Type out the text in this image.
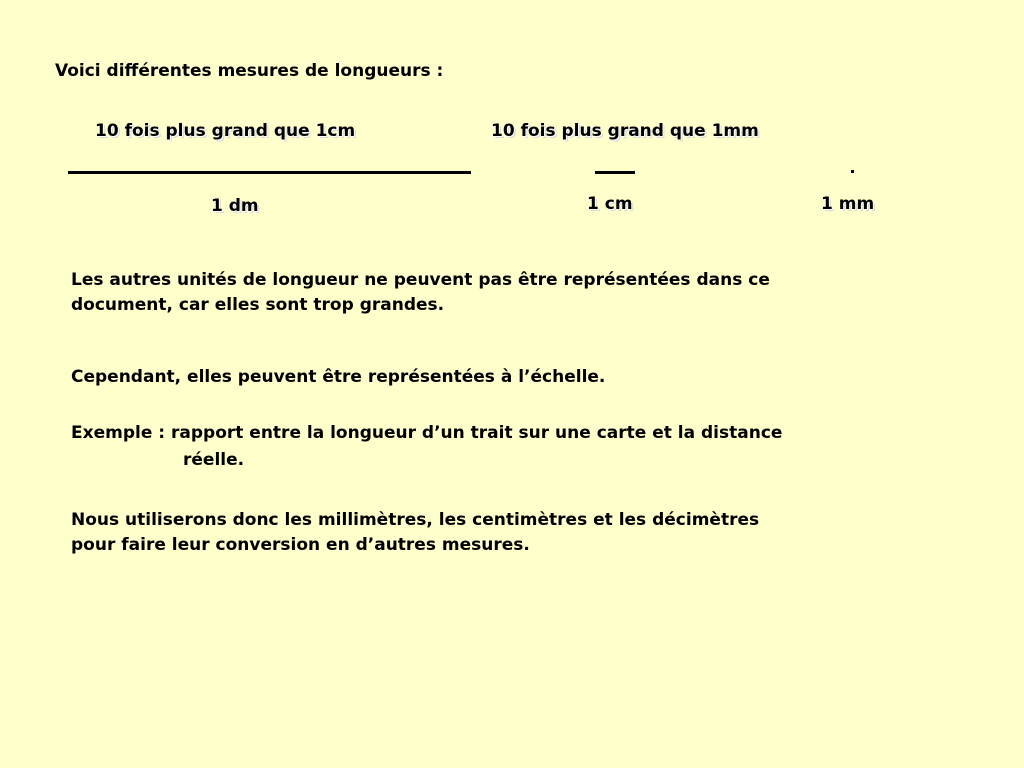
Voici différentes mesures de longueurs :
10 fois plus grand que 1cm	10 fois plus grand que 1mm
1 dm	1 cm	1 mm
Les autres unités de longueur ne peuvent pas être représentées dans ce
document, car elles sont trop grandes.
Cependant, elles peuvent être représentées à l’échelle.
Exemple : rapport entre la longueur d’un trait sur une carte et la distance
réelle.
Nous utiliserons donc les millimètres, les centimètres et les décimètres
pour faire leur conversion en d’autres mesures.
